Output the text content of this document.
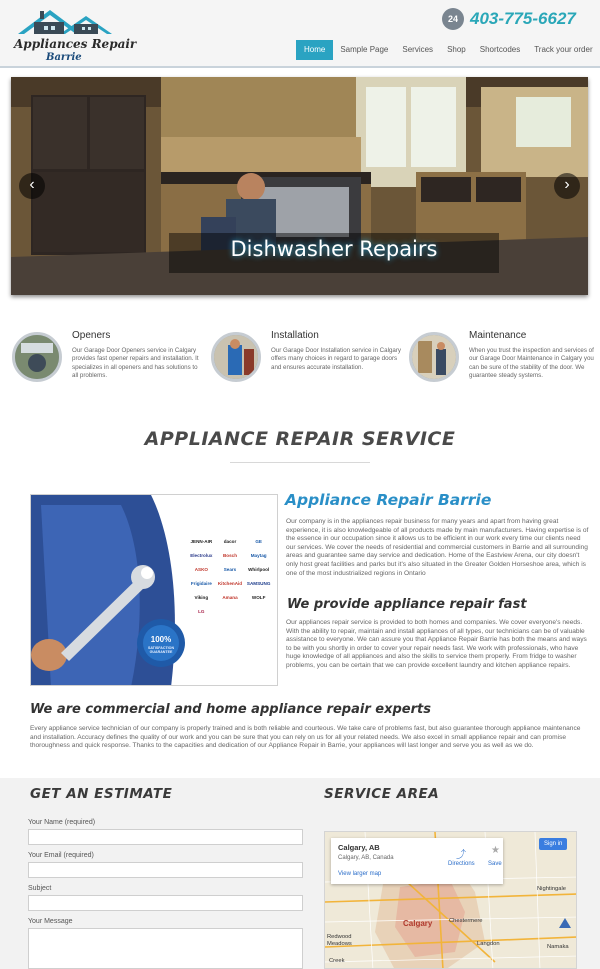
Appliances Repair
Barrie
24 403-775-6627
Home	Sample Page	Services	Shop	Shortcodes	Track your order
Dishwasher Repairs
‹	›
Openers
Our Garage Door Openers service in Calgary provides fast opener repairs and installation. It specializes in all openers and has solutions to all problems.
Installation
Our Garage Door Installation service in Calgary offers many choices in regard to garage doors and ensures accurate installation.
Maintenance
When you trust the inspection and services of our Garage Door Maintenance in Calgary you can be sure of the stability of the door. We guarantee steady systems.
APPLIANCE REPAIR SERVICE
100%
SATISFACTION GUARANTEE
JENN-AIR	dacor	GE
Electrolux	Bosch	Maytag
ASKO	Sears	Whirlpool
Frigidaire	KitchenAid	SAMSUNG
Viking	Amana	WOLF
LG
Appliance Repair Barrie
Our company is in the appliances repair business for many years and apart from having great experience, it is also knowledgeable of all products made by main manufacturers. Having expertise is of the essence in our occupation since it allows us to be efficient in our work every time our clients need our services. We cover the needs of residential and commercial customers in Barrie and all surrounding areas and guarantee same day service and dedication. Home of the Eastview Arena, our city doesn't only host great facilities and parks but it's also situated in the Greater Golden Horseshoe area, which is one of the most industrialized regions in Ontario
We provide appliance repair fast
Our appliances repair service is provided to both homes and companies. We cover everyone's needs. With the ability to repair, maintain and install appliances of all types, our technicians can be of valuable assistance to everyone. We can assure you that Appliance Repair Barrie has both the means and ways to be with you shortly in order to cover your repair needs fast. We work with professionals, who have huge knowledge of all appliances and also the skills to service them properly. From fridge to washer problems, you can be certain that we can provide excellent laundry and kitchen appliance repairs.
We are commercial and home appliance repair experts
Every appliance service technician of our company is properly trained and is both reliable and courteous. We take care of problems fast, but also guarantee thorough appliance maintenance and installation. Accuracy defines the quality of our work and you can be sure that you can rely on us for all your related needs. We also excel in small appliance repair and can promise thoroughness and quick response. Thanks to the capacities and dedication of our Appliance Repair in Barrie, your appliances will last longer and serve you as well as we do.
GET AN ESTIMATE	SERVICE AREA
Your Name (required)
Your Email (required)
Subject
Your Message	Calgary
Nightingale
Chestermere
Redwood Meadows	Langdon	Namaka
Creek
Calgary, AB
Calgary, AB, Canada
View larger map
⤴
Directions
★
Save
Sign in
